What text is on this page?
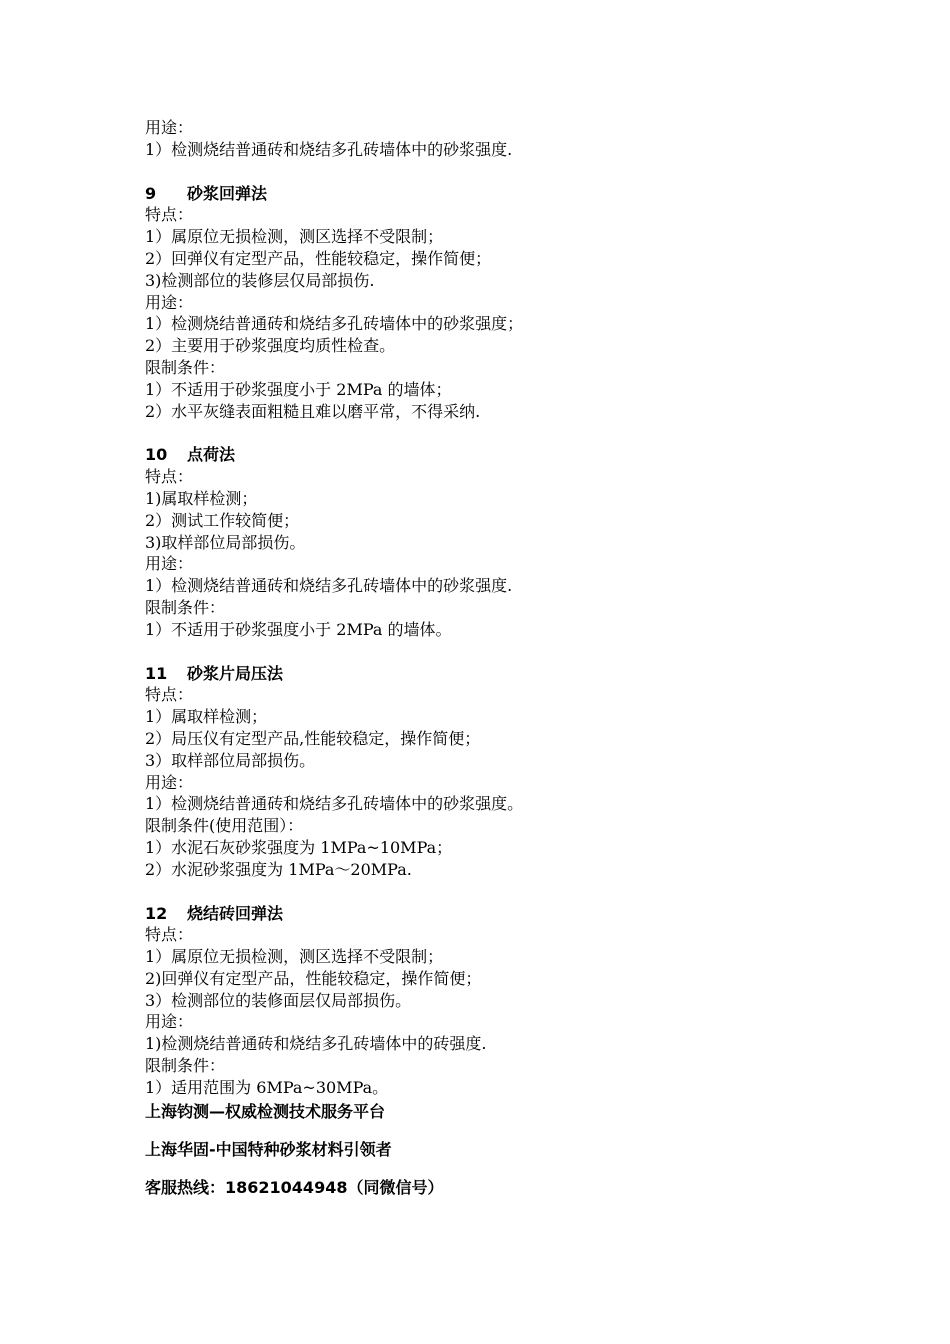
用途：
1）检测烧结普通砖和烧结多孔砖墙体中的砂浆强度.
9 砂浆回弹法
特点：
1）属原位无损检测，测区选择不受限制；
2）回弹仪有定型产品，性能较稳定，操作简便；
3)检测部位的装修层仅局部损伤.
用途：
1）检测烧结普通砖和烧结多孔砖墙体中的砂浆强度；
2）主要用于砂浆强度均质性检查。
限制条件：
1）不适用于砂浆强度小于 2MPa 的墙体；
2）水平灰缝表面粗糙且难以磨平常，不得采纳.
10 点荷法
特点：
1)属取样检测；
2）测试工作较简便；
3)取样部位局部损伤。
用途：
1）检测烧结普通砖和烧结多孔砖墙体中的砂浆强度.
限制条件：
1）不适用于砂浆强度小于 2MPa 的墙体。
11 砂浆片局压法
特点：
1）属取样检测；
2）局压仪有定型产品,性能较稳定，操作简便；
3）取样部位局部损伤。
用途：
1）检测烧结普通砖和烧结多孔砖墙体中的砂浆强度。
限制条件(使用范围）：
1）水泥石灰砂浆强度为 1MPa~10MPa；
2）水泥砂浆强度为 1MPa～20MPa.
12 烧结砖回弹法
特点：
1）属原位无损检测，测区选择不受限制；
2)回弹仪有定型产品，性能较稳定，操作简便；
3）检测部位的装修面层仅局部损伤。
用途：
1)检测烧结普通砖和烧结多孔砖墙体中的砖强度.
限制条件：
1）适用范围为 6MPa~30MPa。
上海钧测—权威检测技术服务平台
上海华固-中国特种砂浆材料引领者
客服热线：18621044948（同微信号）
